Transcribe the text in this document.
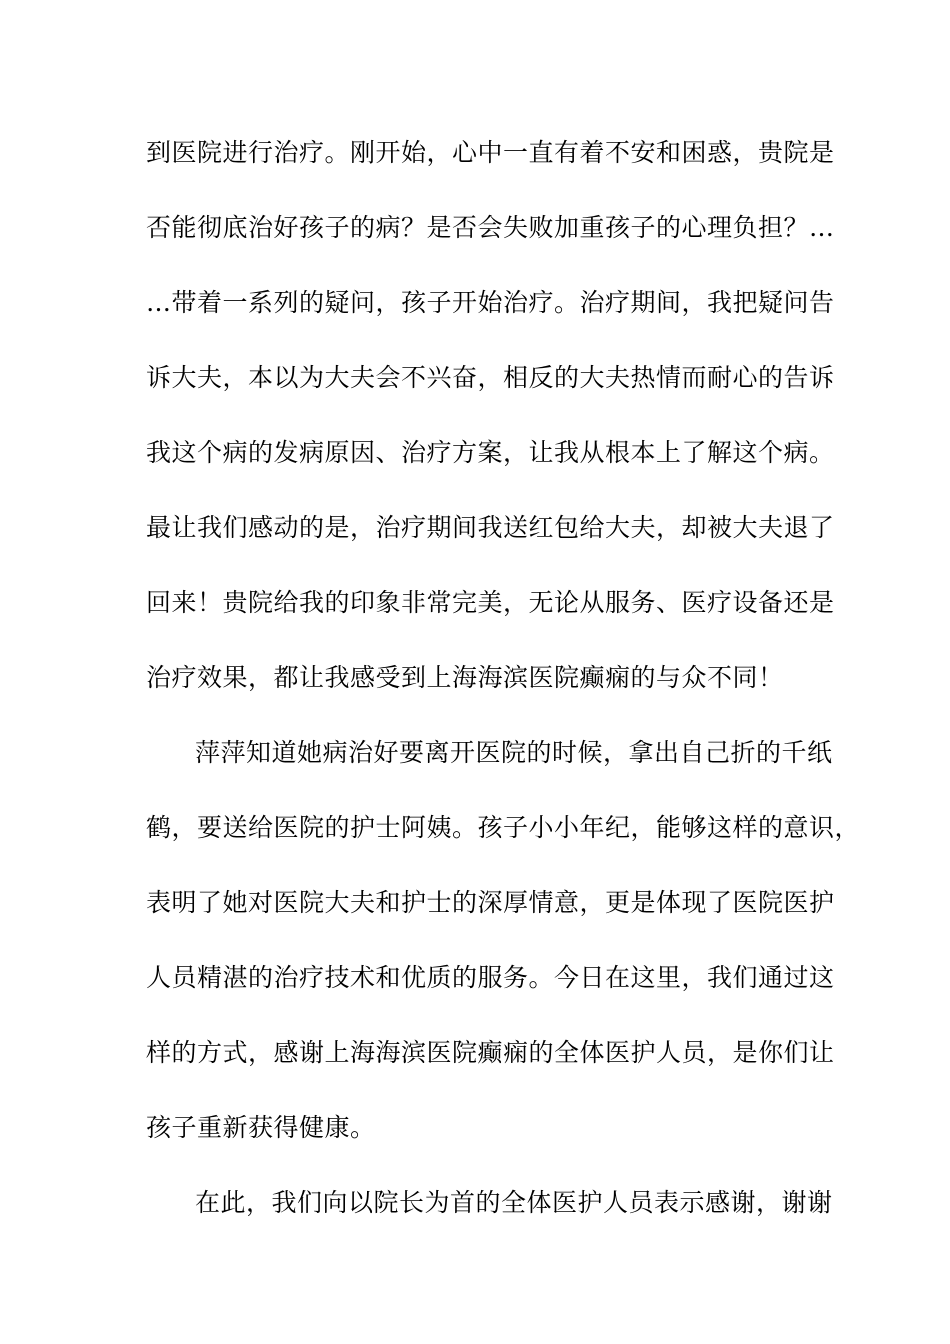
到医院进行治疗。刚开始，心中一直有着不安和困惑，贵院是
否能彻底治好孩子的病？是否会失败加重孩子的心理负担？…
…带着一系列的疑问，孩子开始治疗。治疗期间，我把疑问告
诉大夫，本以为大夫会不兴奋，相反的大夫热情而耐心的告诉
我这个病的发病原因、治疗方案，让我从根本上了解这个病。
最让我们感动的是，治疗期间我送红包给大夫，却被大夫退了
回来！贵院给我的印象非常完美，无论从服务、医疗设备还是
治疗效果，都让我感受到上海海滨医院癫痫的与众不同！
萍萍知道她病治好要离开医院的时候，拿出自己折的千纸
鹤，要送给医院的护士阿姨。孩子小小年纪，能够这样的意识，
表明了她对医院大夫和护士的深厚情意，更是体现了医院医护
人员精湛的治疗技术和优质的服务。今日在这里，我们通过这
样的方式，感谢上海海滨医院癫痫的全体医护人员，是你们让
孩子重新获得健康。
在此，我们向以院长为首的全体医护人员表示感谢，谢谢
